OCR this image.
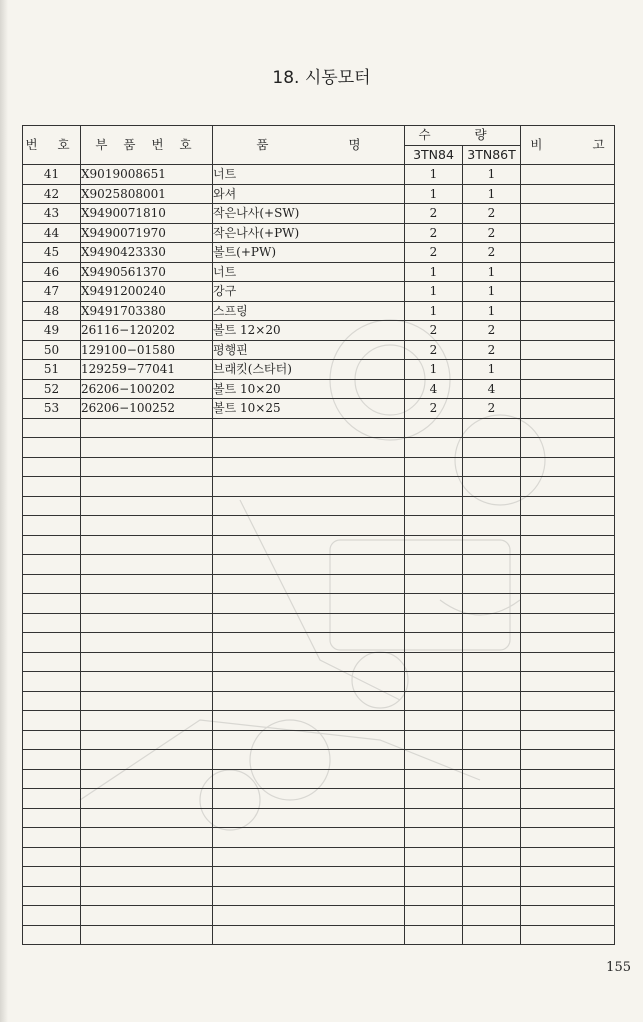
18. 시동모터
번 호	부 품 번 호	품 명	수 량		비 고
			3TN84	3TN86T	
41	X9019008651	너트	1	1	
42	X9025808001	와셔	1	1	
43	X9490071810	작은나사(+SW)	2	2	
44	X9490071970	작은나사(+PW)	2	2	
45	X9490423330	볼트(+PW)	2	2	
46	X9490561370	너트	1	1	
47	X9491200240	강구	1	1	
48	X9491703380	스프링	1	1	
49	26116−120202	볼트 12×20	2	2	
50	129100−01580	평행핀	2	2	
51	129259−77041	브래킷(스타터)	1	1	
52	26206−100202	볼트 10×20	4	4	
53	26206−100252	볼트 10×25	2	2	

155
